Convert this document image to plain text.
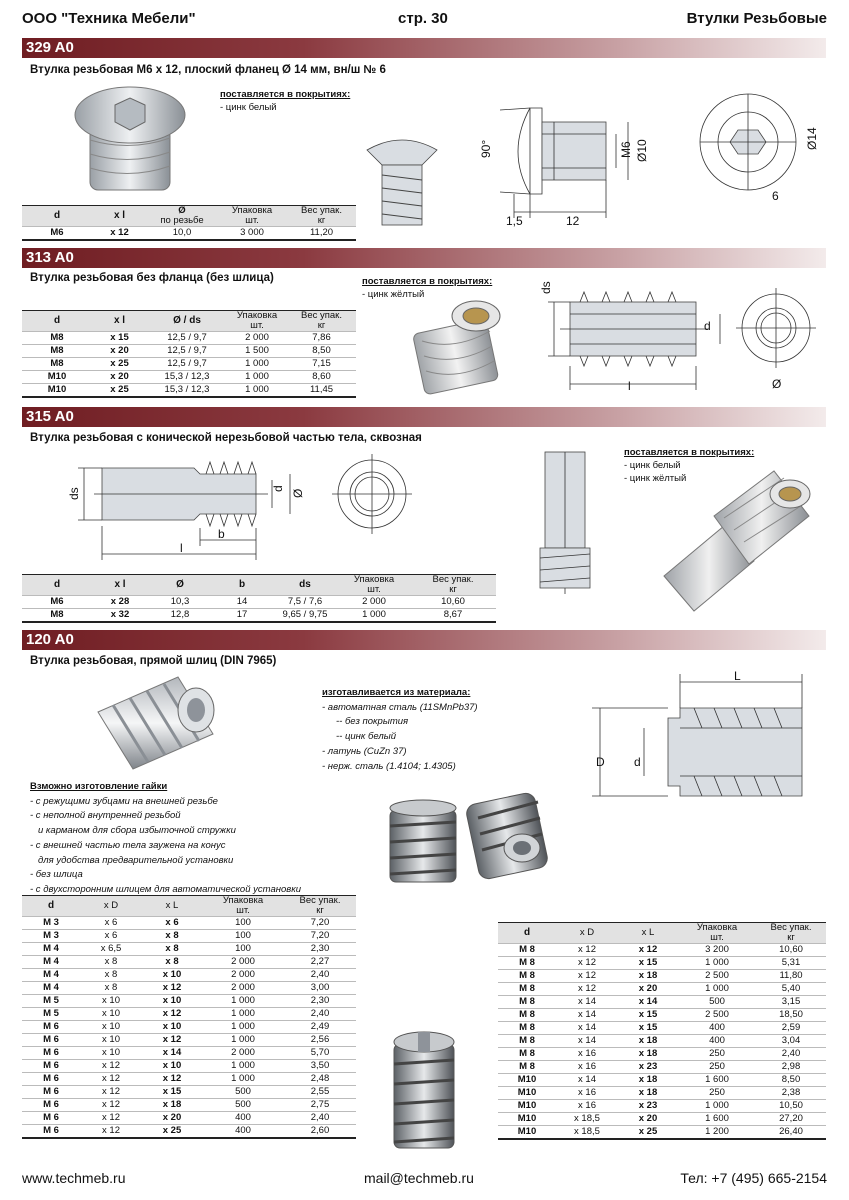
ООО "Техника Мебели"	стр. 30	Втулки Резьбовые
329 A0
Втулка резьбовая М6 х 12, плоский фланец Ø 14 мм, вн/ш № 6
поставляется в покрытиях:
- цинк белый
90°	M6 Ø10
1,5	12
Ø14
6
d	х l	Ø
по резьбе	Упаковка
шт.	Вес упак.
кг
M6	x 12	10,0	3 000	11,20
313 A0
Втулка резьбовая без фланца (без шлица)	поставляется в покрытиях:
- цинк жёлтый
ds
d
l	Ø
d	х l	Ø / ds	Упаковка
шт.	Вес упак.
кг
M8	x 15	12,5 / 9,7	2 000	7,86
M8	x 20	12,5 / 9,7	1 500	8,50
M8	x 25	12,5 / 9,7	1 000	7,15
M10	x 20	15,3 / 12,3	1 000	8,60
M10	x 25	15,3 / 12,3	1 000	11,45
315 A0
Втулка резьбовая с конической нерезьбовой частью тела, сквозная
ds	d Ø
b
l
поставляется в покрытиях:
- цинк белый
- цинк жёлтый
d	х l	Ø	b	ds	Упаковка
шт.	Вес упак.
кг
M6	x 28	10,3	14	7,5 / 7,6	2 000	10,60
M8	x 32	12,8	17	9,65 / 9,75	1 000	8,67
120 A0
Втулка резьбовая, прямой шлиц (DIN 7965)
изготавливается из материала:
- автоматная сталь (11SMnPb37)
-- без покрытия
-- цинк белый
- латунь (CuZn 37)
- нерж. сталь (1.4104; 1.4305)
L
D d
Взможно изготовление гайки
- с режущими зубцами на внешней резьбе
- с неполной внутренней резьбой
и карманом для сбора избыточной стружки
- с внешней частью тела заужена на конус
для удобства предварительной установки
- без шлица
- с двухсторонним шлицем для автоматической установки
d	х D	х L	Упаковка
шт.	Вес упак.
кг
M 3	x 6	x 6	100	7,20
M 3	x 6	x 8	100	7,20
M 4	x 6,5	x 8	100	2,30
M 4	x 8	x 8	2 000	2,27
M 4	x 8	x 10	2 000	2,40
M 4	x 8	x 12	2 000	3,00
M 5	x 10	x 10	1 000	2,30
M 5	x 10	x 12	1 000	2,40
M 6	x 10	x 10	1 000	2,49
M 6	x 10	x 12	1 000	2,56
M 6	x 10	x 14	2 000	5,70
M 6	x 12	x 10	1 000	3,50
M 6	x 12	x 12	1 000	2,48
M 6	x 12	x 15	500	2,55
M 6	x 12	x 18	500	2,75
M 6	x 12	x 20	400	2,40
M 6	x 12	x 25	400	2,60
d	х D	х L	Упаковка
шт.	Вес упак.
кг
M 8	x 12	x 12	3 200	10,60
M 8	x 12	x 15	1 000	5,31
M 8	x 12	x 18	2 500	11,80
M 8	x 12	x 20	1 000	5,40
M 8	x 14	x 14	500	3,15
M 8	x 14	x 15	2 500	18,50
M 8	x 14	x 15	400	2,59
M 8	x 14	x 18	400	3,04
M 8	x 16	x 18	250	2,40
M 8	x 16	x 23	250	2,98
M10	x 14	x 18	1 600	8,50
M10	x 16	x 18	250	2,38
M10	x 16	x 23	1 000	10,50
M10	x 18,5	x 20	1 600	27,20
M10	x 18,5	x 25	1 200	26,40
www.techmeb.ru	mail@techmeb.ru	Тел: +7 (495) 665-2154
